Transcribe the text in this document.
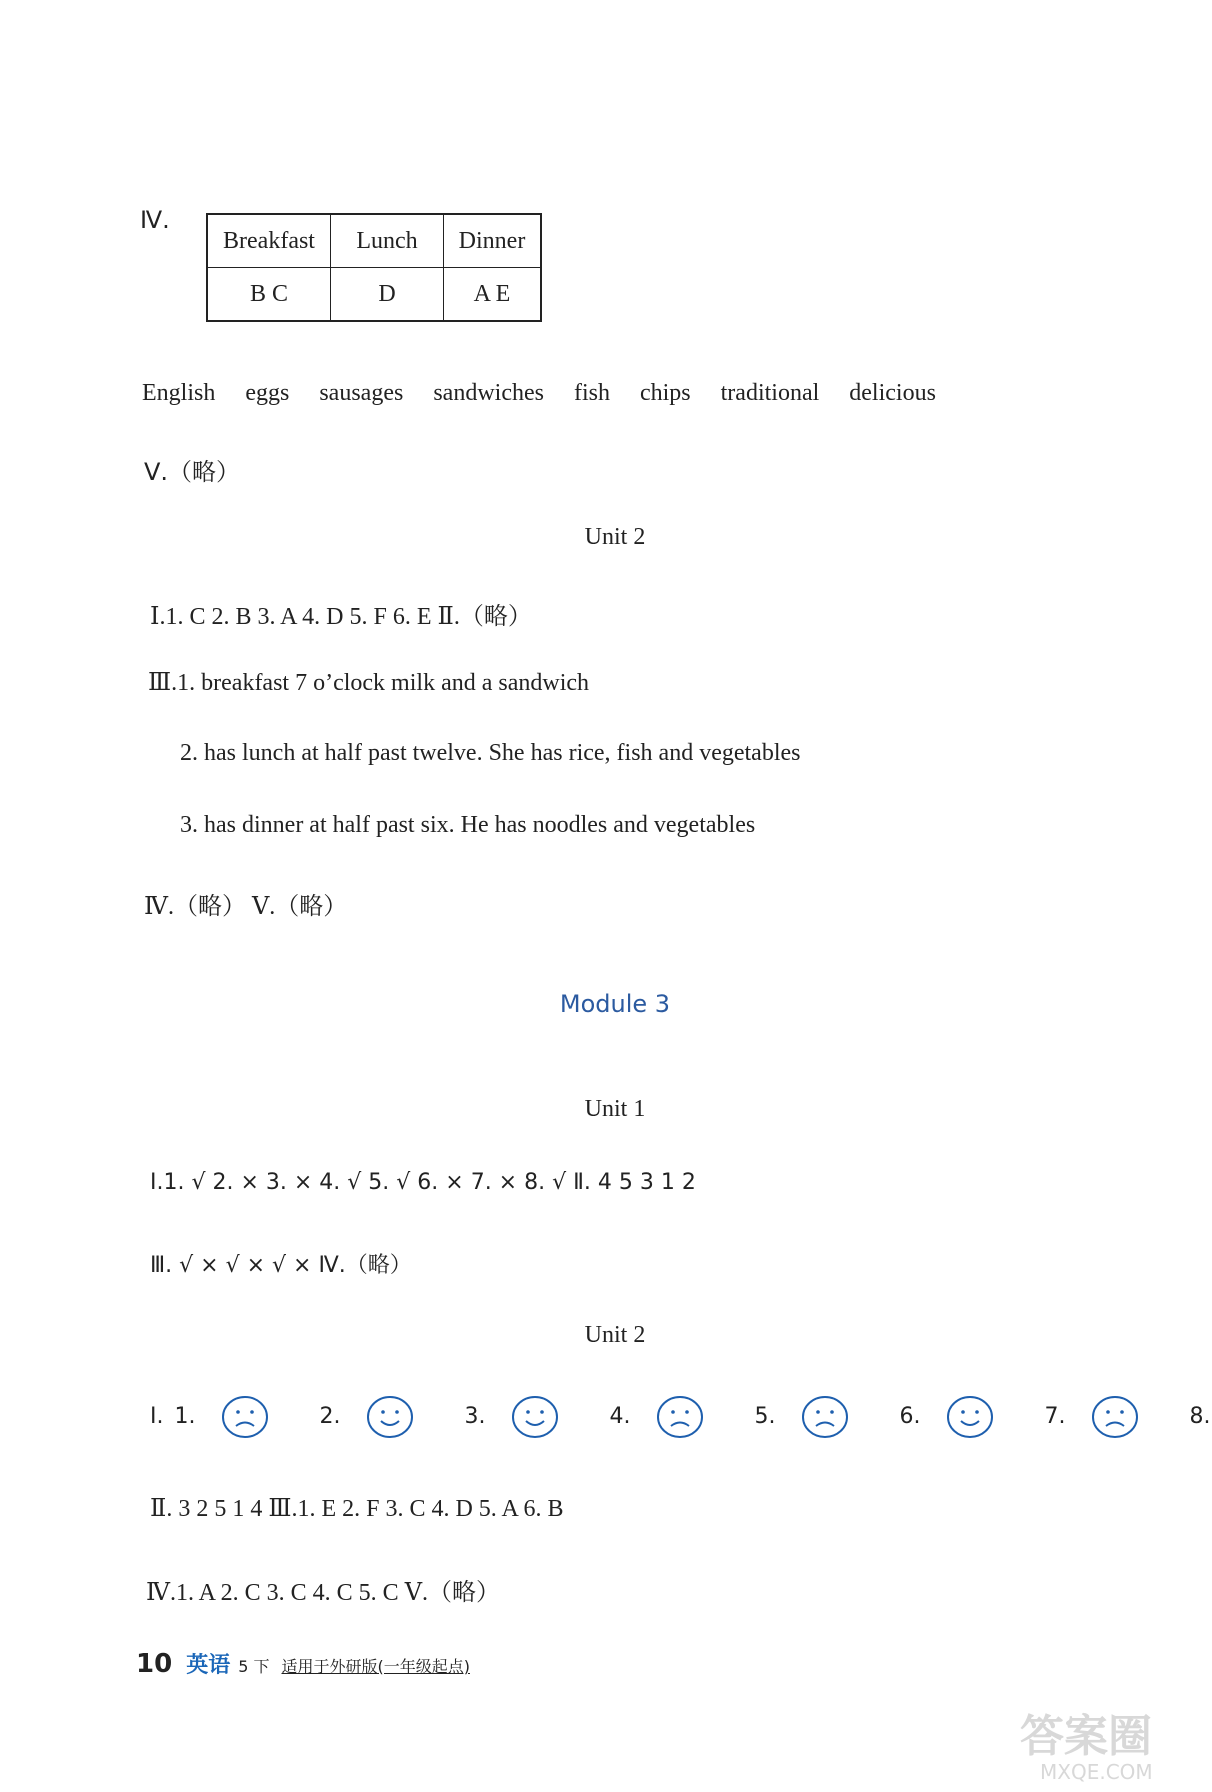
Ⅳ.
Breakfast	Lunch	Dinner
B C	D	A E
English eggs sausages sandwiches fish chips traditional delicious
Ⅴ.（略）
Unit 2
Ⅰ.1. C 2. B 3. A 4. D 5. F 6. E Ⅱ.（略）
Ⅲ.1. breakfast 7 o’clock milk and a sandwich
2. has lunch at half past twelve. She has rice, fish and vegetables
3. has dinner at half past six. He has noodles and vegetables
Ⅳ.（略） Ⅴ.（略）
Module 3
Unit 1
Ⅰ.1. √ 2. × 3. × 4. √ 5. √ 6. × 7. × 8. √ Ⅱ. 4 5 3 1 2
Ⅲ. √ × √ × √ × Ⅳ.（略）
Unit 2
Ⅰ. 1.	2.	3.	4.	5.	6.	7.	8.
Ⅱ. 3 2 5 1 4 Ⅲ.1. E 2. F 3. C 4. D 5. A 6. B
Ⅳ.1. A 2. C 3. C 4. C 5. C Ⅴ.（略）
10 英语 5 下 适用于外研版(一年级起点)
答案圈
MXQE.COM
